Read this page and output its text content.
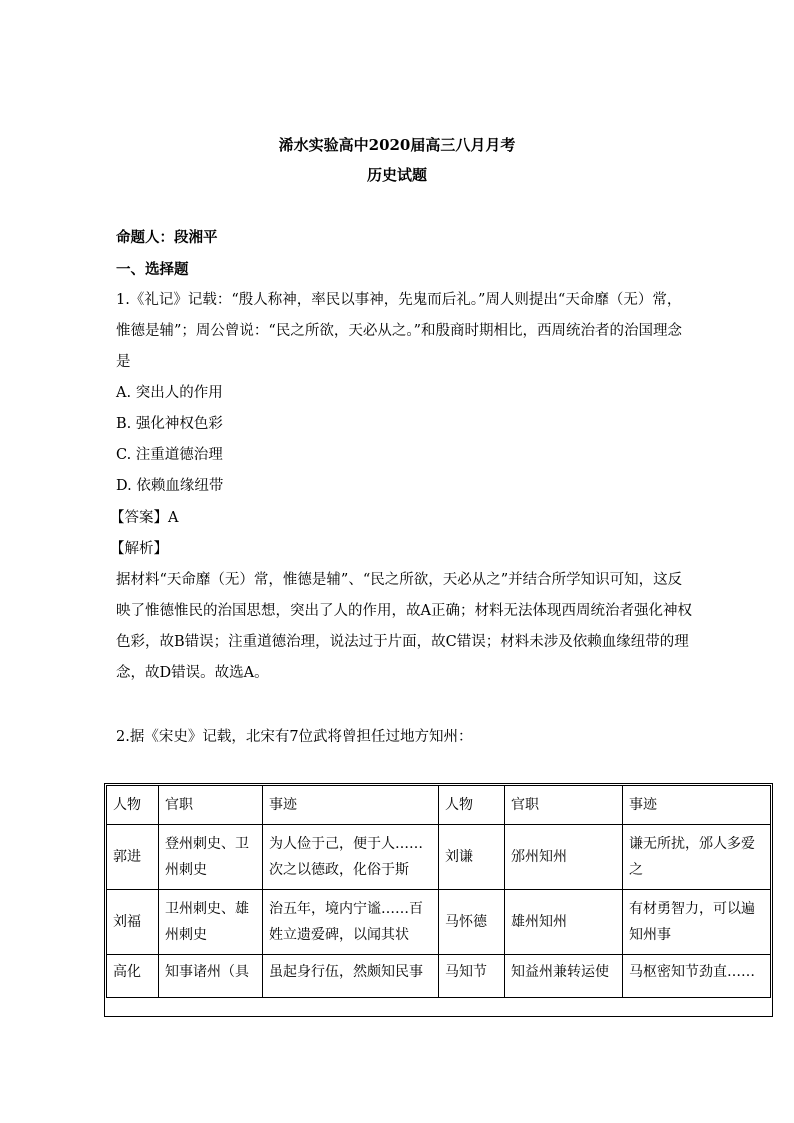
浠水实验高中2020届高三八月月考
历史试题
命题人：段湘平
一、选择题
1.《礼记》记载：“殷人称神，率民以事神，先鬼而后礼。”周人则提出“天命靡（无）常，
惟德是辅”；周公曾说：“民之所欲，天必从之。”和殷商时期相比，西周统治者的治国理念
是
A. 突出人的作用
B. 强化神权色彩
C. 注重道德治理
D. 依赖血缘纽带
【答案】A
【解析】
据材料“天命靡（无）常，惟德是辅”、“民之所欲，天必从之”并结合所学知识可知，这反
映了惟德惟民的治国思想，突出了人的作用，故A正确；材料无法体现西周统治者强化神权
色彩，故B错误；注重道德治理，说法过于片面，故C错误；材料未涉及依赖血缘纽带的理
念，故D错误。故选A。
2.据《宋史》记载，北宋有7位武将曾担任过地方知州：
人物	官职	事迹	人物	官职	事迹
郭进	登州刺史、卫州刺史	为人俭于己，便于人……次之以德政，化俗于斯	刘谦	邠州知州	谦无所扰，邠人多爱之
刘福	卫州刺史、雄州刺史	治五年，境内宁谧……百姓立遗爱碑，以闻其状	马怀德	雄州知州	有材勇智力，可以遍知州事
高化	知事诸州（具	虽起身行伍，然颇知民事	马知节	知益州兼转运使	马枢密知节劲直……
